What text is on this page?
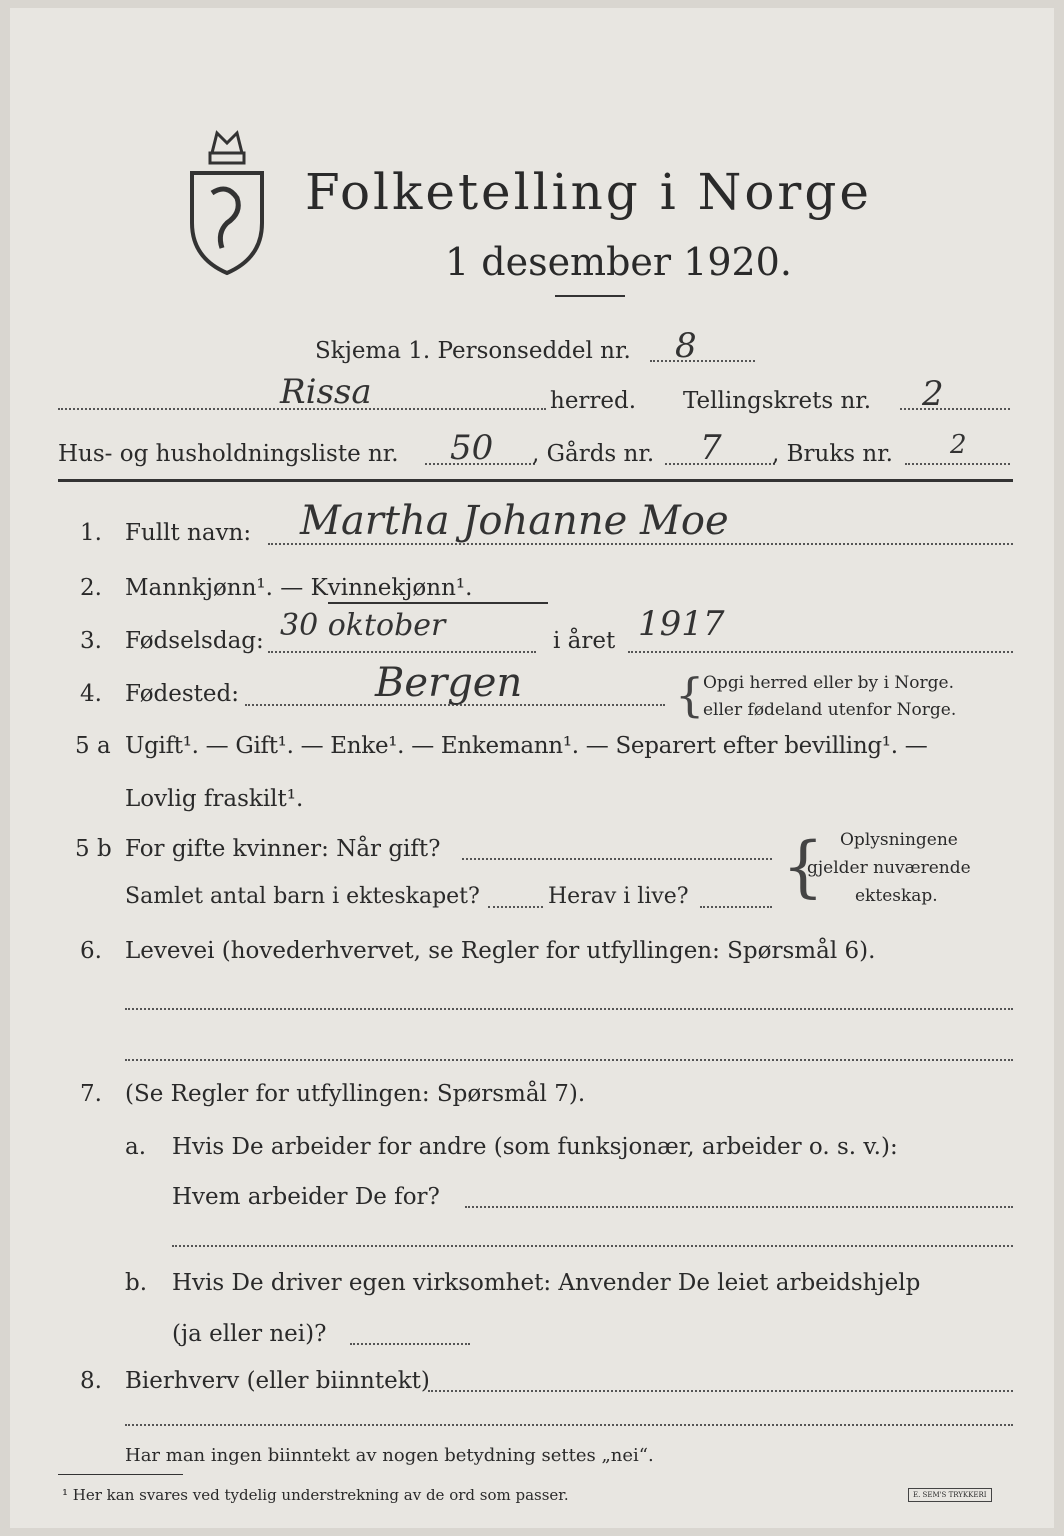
Folketelling i Norge
1 desember 1920.
Skjema 1. Personseddel nr. 8
Rissa	herred. Tellingskrets nr. 2
Hus- og husholdningsliste nr. 50 , Gårds nr. 7 , Bruks nr. 2
1. Fullt navn: Martha Johanne Moe
2. Mannkjønn¹. — Kvinnekjønn¹.
3. Fødselsdag: 30 oktober	i året 1917
4. Fødested:	Bergen	{
Opgi herred eller by i Norge.
eller fødeland utenfor Norge.
5 a Ugift¹. — Gift¹. — Enke¹. — Enkemann¹. — Separert efter bevilling¹. —
Lovlig fraskilt¹.
5 b For gifte kvinner: Når gift?
Samlet antal barn i ekteskapet?	Herav i live? { Oplysningene
gjelder nuværende
ekteskap.
6. Levevei (hovederhvervet, se Regler for utfyllingen: Spørsmål 6).
7. (Se Regler for utfyllingen: Spørsmål 7).
a. Hvis De arbeider for andre (som funksjonær, arbeider o. s. v.):
Hvem arbeider De for?
b. Hvis De driver egen virksomhet: Anvender De leiet arbeidshjelp
(ja eller nei)?
8. Bierhverv (eller biinntekt)
Har man ingen biinntekt av nogen betydning settes „nei“.
¹ Her kan svares ved tydelig understrekning av de ord som passer.	E. SEM'S TRYKKERI
